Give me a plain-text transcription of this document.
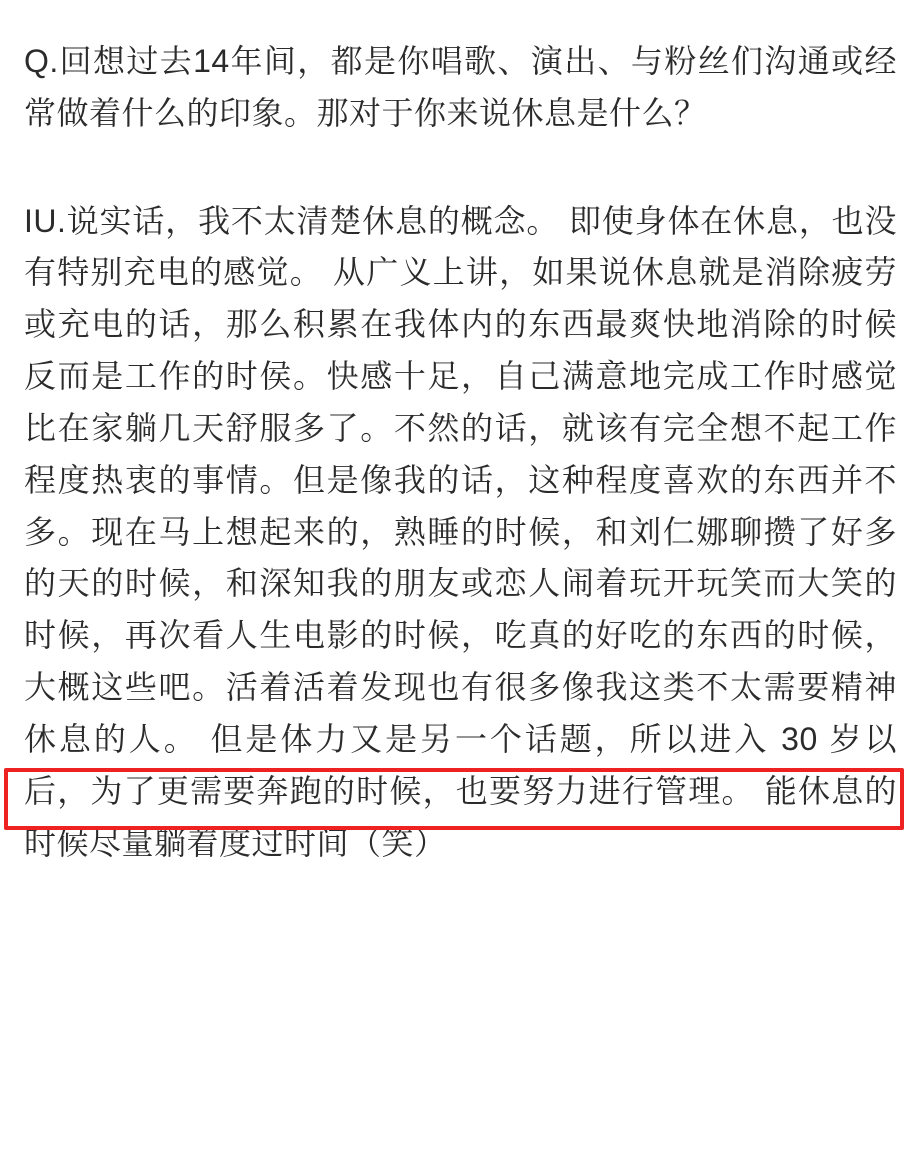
Q.回想过去14年间，都是你唱歌、演出、与粉丝们沟通或经常做着什么的印象。那对于你来说休息是什么？

IU.说实话，我不太清楚休息的概念。 即使身体在休息，也没有特别充电的感觉。 从广义上讲，如果说休息就是消除疲劳或充电的话，那么积累在我体内的东西最爽快地消除的时候反而是工作的时侯。快感十足，自己满意地完成工作时感觉比在家躺几天舒服多了。不然的话，就该有完全想不起工作程度热衷的事情。但是像我的话，这种程度喜欢的东西并不多。现在马上想起来的，熟睡的时候，和刘仁娜聊攒了好多的天的时候，和深知我的朋友或恋人闹着玩开玩笑而大笑的时候，再次看人生电影的时候，吃真的好吃的东西的时候，大概这些吧。活着活着发现也有很多像我这类不太需要精神休息的人。 但是体力又是另一个话题，所以进入 30 岁以后，为了更需要奔跑的时候，也要努力进行管理。 能休息的时候尽量躺着度过时间（笑）
